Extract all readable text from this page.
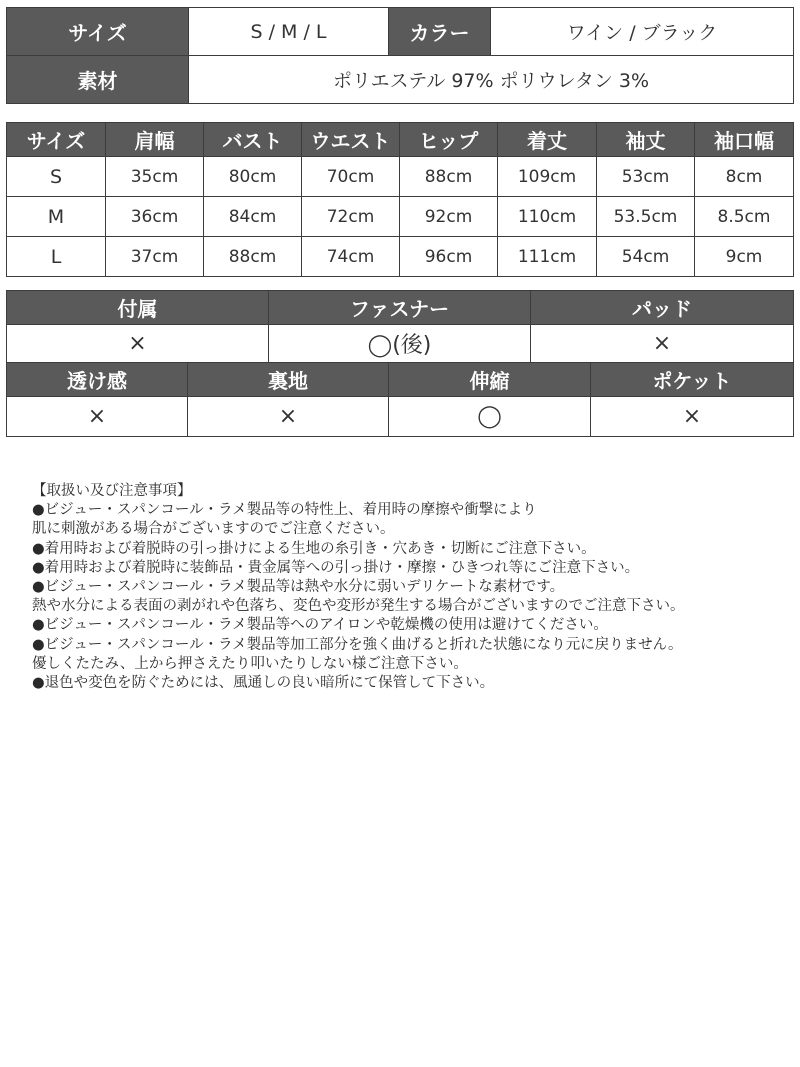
サイズ	S / M / L	カラー	ワイン / ブラック
素材	ポリエステル 97% ポリウレタン 3%		
サイズ	肩幅	バスト	ウエスト	ヒップ	着丈	袖丈	袖口幅
S	35cm	80cm	70cm	88cm	109cm	53cm	8cm
M	36cm	84cm	72cm	92cm	110cm	53.5cm	8.5cm
L	37cm	88cm	74cm	96cm	111cm	54cm	9cm
付属	ファスナー	パッド
×	◯(後)	×
透け感	裏地	伸縮	ポケット
×	×	◯	×
【取扱い及び注意事項】
●ビジュー・スパンコール・ラメ製品等の特性上、着用時の摩擦や衝撃により
肌に刺激がある場合がございますのでご注意ください。
●着用時および着脱時の引っ掛けによる生地の糸引き・穴あき・切断にご注意下さい。
●着用時および着脱時に装飾品・貴金属等への引っ掛け・摩擦・ひきつれ等にご注意下さい。
●ビジュー・スパンコール・ラメ製品等は熱や水分に弱いデリケートな素材です。
熱や水分による表面の剥がれや色落ち、変色や変形が発生する場合がございますのでご注意下さい。
●ビジュー・スパンコール・ラメ製品等へのアイロンや乾燥機の使用は避けてください。
●ビジュー・スパンコール・ラメ製品等加工部分を強く曲げると折れた状態になり元に戻りません。
優しくたたみ、上から押さえたり叩いたりしない様ご注意下さい。
●退色や変色を防ぐためには、風通しの良い暗所にて保管して下さい。
